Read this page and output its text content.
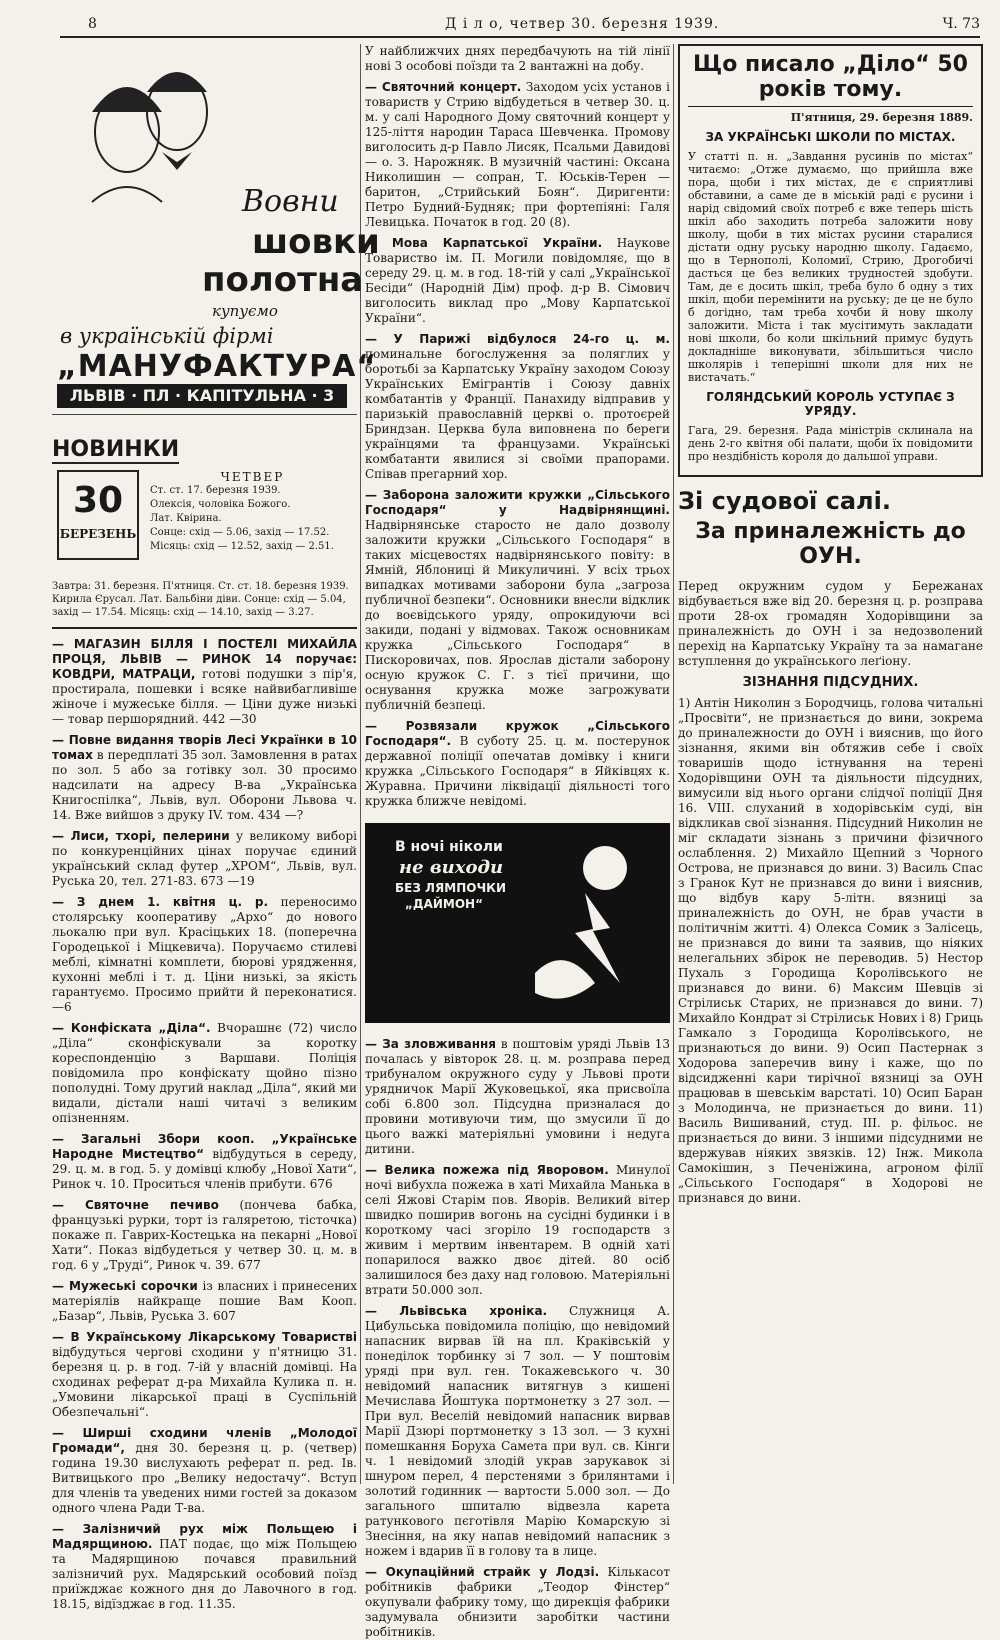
8	Д і л о, четвер 30. березня 1939.	Ч. 73
Вовни
шовки
полотна
купуємо
в українській фірмі
„МАНУФАКТУРА“
ЛЬВІВ · ПЛ · КАПІТУЛЬНА · 3
НОВИНКИ
30
БЕРЕЗЕНЬ
ЧЕТВЕР
Ст. ст. 17. березня 1939.
Олексія, чоловіка Божого.
Лат. Квірина.
Сонце: схід — 5.06, захід — 17.52.
Місяць: схід — 12.52, захід — 2.51.
Завтра: 31. березня. П'ятниця. Ст. ст. 18. березня 1939. Кирила Єрусал. Лат. Бальбіни діви. Сонце: схід — 5.04, захід — 17.54. Місяць: схід — 14.10, захід — 3.27.

— МАГАЗИН БІЛЛЯ І ПОСТЕЛІ МИХАЙЛА ПРОЦЯ, ЛЬВІВ — РИНОК 14 поручає: КОВДРИ, МАТРАЦИ, готові подушки з пір'я, простирала, пошевки і всяке найвибагливіше жіноче і мужеське білля. — Ціни дуже низькі — товар першорядний. 442 —30

— Повне видання творів Лесі Українки в 10 томах в передплаті 35 зол. Замовлення в ратах по зол. 5 або за готівку зол. 30 просимо надсилати на адресу В-ва „Українська Книгоспілка“, Львів, вул. Оборони Львова ч. 14. Вже вийшов з друку IV. том. 434 —?

— Лиси, тхорі, пелерини у великому виборі по конкуренційних цінах поручає єдиний український склад футер „ХРОМ“, Львів, вул. Руська 20, тел. 271-83. 673 —19

— З днем 1. квітня ц. р. переносимо столярську кооперативу „Архо“ до нового льокалю при вул. Красіцьких 18. (поперечна Городецької і Міцкевича). Поручаємо стилеві меблі, кімнатні комплети, бюрові урядження, кухонні меблі і т. д. Ціни низькі, за якість гарантуємо. Просимо прийти й переконатися. —6

— Конфіската „Діла“. Вчорашнє (72) число „Діла“ сконфіскували за коротку кореспонденцію з Варшави. Поліція повідомила про конфіскату щойно пізно пополудні. Тому другий наклад „Діла“, який ми видали, дістали наші читачі з великим опізненням.

— Загальні Збори кооп. „Українське Народне Мистецтво“ відбудуться в середу, 29. ц. м. в год. 5. у домівці клюбу „Нової Хати“, Ринок ч. 10. Проситься членів прибути. 676

— Святочне печиво (пончева бабка, французькі рурки, торт із галяретою, тісточка) покаже п. Гаврих-Костецька на пекарні „Нової Хати“. Показ відбудеться у четвер 30. ц. м. в год. 6 у „Труді“, Ринок ч. 39. 677

— Мужеські сорочки із власних і принесених матеріялів найкраще пошие Вам Кооп. „Базар“, Львів, Руська 3. 607

— В Українському Лікарському Товаристві відбудуться чергові сходини у п'ятницю 31. березня ц. р. в год. 7-ій у власній домівці. На сходинах реферат д-ра Михайла Кулика п. н. „Умовини лікарської праці в Суспільній Обезпечальні“.

— Ширші сходини членів „Молодої Громади“, дня 30. березня ц. р. (четвер) година 19.30 вислухають реферат п. ред. Ів. Витвицького про „Велику недостачу“. Вступ для членів та уведених ними гостей за доказом одного члена Ради Т-ва.

— Залізничий рух між Польщею і Мадярщиною. ПАТ подає, що між Польщею та Мадярщиною почався правильний залізничий рух. Мадярський особовий поїзд приїжджає кожного дня до Лавочного в год. 18.15, відїзджає в год. 11.35.

У найближчих днях передбачують на тій лінії нові 3 особові поїзди та 2 вантажні на добу.

— Святочний концерт. Заходом усіх установ і товариств у Стрию відбудеться в четвер 30. ц. м. у салі Народного Дому святочний концерт у 125-ліття народин Тараса Шевченка. Промову виголосить д-р Павло Лисяк, Псальми Давидові — о. З. Нарожняк. В музичній частині: Оксана Николишин — сопран, Т. Юськів-Терен — баритон, „Стрийський Боян“. Диригенти: Петро Будний-Будняк; при фортепіяні: Галя Левицька. Початок в год. 20 (8).

— Мова Карпатської України. Наукове Товариство ім. П. Могили повідомляє, що в середу 29. ц. м. в год. 18-тій у салі „Української Бесіди“ (Народній Дім) проф. д-р В. Сімович виголосить виклад про „Мову Карпатської України“.

— У Парижі відбулося 24-го ц. м. поминальне богослуження за поляглих у боротьбі за Карпатську Україну заходом Союзу Українських Емігрантів і Союзу давніх комбатантів у Франції. Панахиду відправив у паризькій православній церкві о. протоєрей Бриндзан. Церква була виповнена по береги українцями та французами. Українські комбатанти явилися зі своїми прапорами. Співав прегарний хор.

— Заборона заложити кружки „Сільського Господаря“ у Надвірнянщині. Надвірнянське старосто не дало дозволу заложити кружки „Сільського Господаря“ в таких місцевостях надвірнянського повіту: в Ямній, Яблониці й Микуличині. У всіх трьох випадках мотивами заборони була „загроза публичної безпеки“. Основники внесли відклик до воєвідського уряду, опрокидуючи всі закиди, подані у відмовах. Також основникам кружка „Сільського Господаря“ в Пискоровичах, пов. Ярослав дістали заборону осную кружок С. Г. з тієї причини, що оснування кружка може загрожувати публичній безпеці.

— Розвязали кружок „Сільського Господаря“. В суботу 25. ц. м. постерунок державної поліції опечатав домівку і книги кружка „Сільського Господаря“ в Яйківцях к. Журавна. Причини ліквідації діяльності того кружка ближче невідомі.

В ночі ніколи
не виходи
БЕЗ ЛЯМПОЧКИ
„ДАЙМОН“

— За зловживання в поштовім уряді Львів 13 почалась у вівторок 28. ц. м. розправа перед трибуналом окружного суду у Львові проти урядничок Марії Жуковецької, яка присвоїла собі 6.800 зол. Підсудна призналася до провини мотивуючи тим, що змусили її до цього важкі матеріяльні умовини і недуга дитини.

— Велика пожежа під Яворовом. Минулої ночі вибухла пожежа в хаті Михайла Манька в селі Яжові Старім пов. Яворів. Великий вітер швидко поширив вогонь на сусідні будинки і в короткому часі згоріло 19 господарств з живим і мертвим інвентарем. В одній хаті попарилося важко двоє дітей. 80 осіб залишилося без даху над головою. Матеріяльні втрати 50.000 зол.

— Львівська хроніка. Служниця А. Цибульська повідомила поліцію, що невідомий напасник вирвав їй на пл. Краківській у понеділок торбинку зі 7 зол. — У поштовім уряді при вул. ген. Токажевського ч. 30 невідомий напасник витягнув з кишені Мечислава Йоштука портмонетку з 27 зол. — При вул. Веселій невідомий напасник вирвав Марії Дзюрі портмонетку з 13 зол. — З кухні помешкання Боруха Самета при вул. св. Кінги ч. 1 невідомий злодій украв зарукавок зі шнуром перел, 4 перстенями з брилянтами і золотий годинник — вартости 5.000 зол. — До загального шпиталю відвезла карета ратункового пєготівля Марію Комарскую зі Знесіння, на яку напав невідомий напасник з ножем і вдарив її в голову та в лице.

— Окупаційний страйк у Лодзі. Кількасот робітників фабрики „Теодор Фінстер“ окупували фабрику тому, що дирекція фабрики задумувала обнизити заробітки частини робітників.

Що писало „Діло“ 50 років тому.
П'ятниця, 29. березня 1889.
ЗА УКРАЇНСЬКІ ШКОЛИ ПО МІСТАХ.

У статті п. н. „Завдання русинів по містах“ читаємо: „Отже думаємо, що прийшла вже пора, щоби і тих містах, де є сприятливі обставини, а саме де в міській раді є русини і нарід свідомий своїх потреб є вже теперь шість шкіл або заходить потреба заложити нову школу, щоби в тих містах русини старалися дістати одну руську народню школу. Гадаємо, що в Тернополі, Коломиї, Стрию, Дрогобичі дасться це без великих трудностей здобути. Там, де є досить шкіл, треба було б одну з тих шкіл, щоби перемінити на руську; де це не було б догідно, там треба хочби й нову школу заложити. Міста і так мусітимуть закладати нові школи, бо коли шкільний примус будуть докладніше виконувати, збільшиться число школярів і теперішні школи для них не вистачать.“

ГОЛЯНДСЬКИЙ КОРОЛЬ УСТУПАЄ З УРЯДУ.

Гага, 29. березня. Рада міністрів склинала на день 2-го квітня обі палати, щоби їх повідомити про нездібність короля до дальшої управи.

Зі судової салі.
За приналежність до ОУН.

Перед окружним судом у Бережанах відбувається вже від 20. березня ц. р. розправа проти 28-ох громадян Ходорівщини за приналежність до ОУН і за недозволений перехід на Карпатську Україну та за намагане вступлення до українського леґіону.

ЗІЗНАННЯ ПІДСУДНИХ.

1) Антін Николин з Бородчиць, голова читальні „Просвіти“, не признається до вини, зокрема до приналежности до ОУН і вияснив, що його зізнання, якими він обтяжив себе і своїх товаришів щодо істнування на терені Ходорівщини ОУН та діяльности підсудних, вимусили від нього органи слідчої поліції Дня 16. VIII. слуханий в ходорівськім суді, він відкликав свої зізнання. Підсудний Николин не міг складати зізнань з причини фізичного ослаблення. 2) Михайло Щепний з Чорного Острова, не признався до вини. 3) Василь Спас з Гранок Кут не признався до вини і вияснив, що відбув кару 5-літн. вязниці за приналежність до ОУН, не брав участи в політичнім житті. 4) Олекса Сомик з Залісець, не признався до вини та заявив, що ніяких нелегальних збірок не переводив. 5) Нестор Пухаль з Городища Королівського не признався до вини. 6) Максим Шевців зі Стрілиськ Старих, не признався до вини. 7) Михайло Кондрат зі Стрілиськ Нових і 8) Гриць Гамкало з Городища Королівського, не признаються до вини. 9) Осип Пастернак з Ходорова заперечив вину і каже, що по відсидженні кари тирічної вязниці за ОУН працював в шевськім варстаті. 10) Осип Баран з Молодинча, не признається до вини. 11) Василь Вишиваний, студ. III. р. фільос. не признається до вини. З іншими підсудними не вдержував ніяких звязків. 12) Інж. Микола Самокішин, з Печеніжина, агроном філії „Сільського Господаря“ в Ходорові не признався до вини.
